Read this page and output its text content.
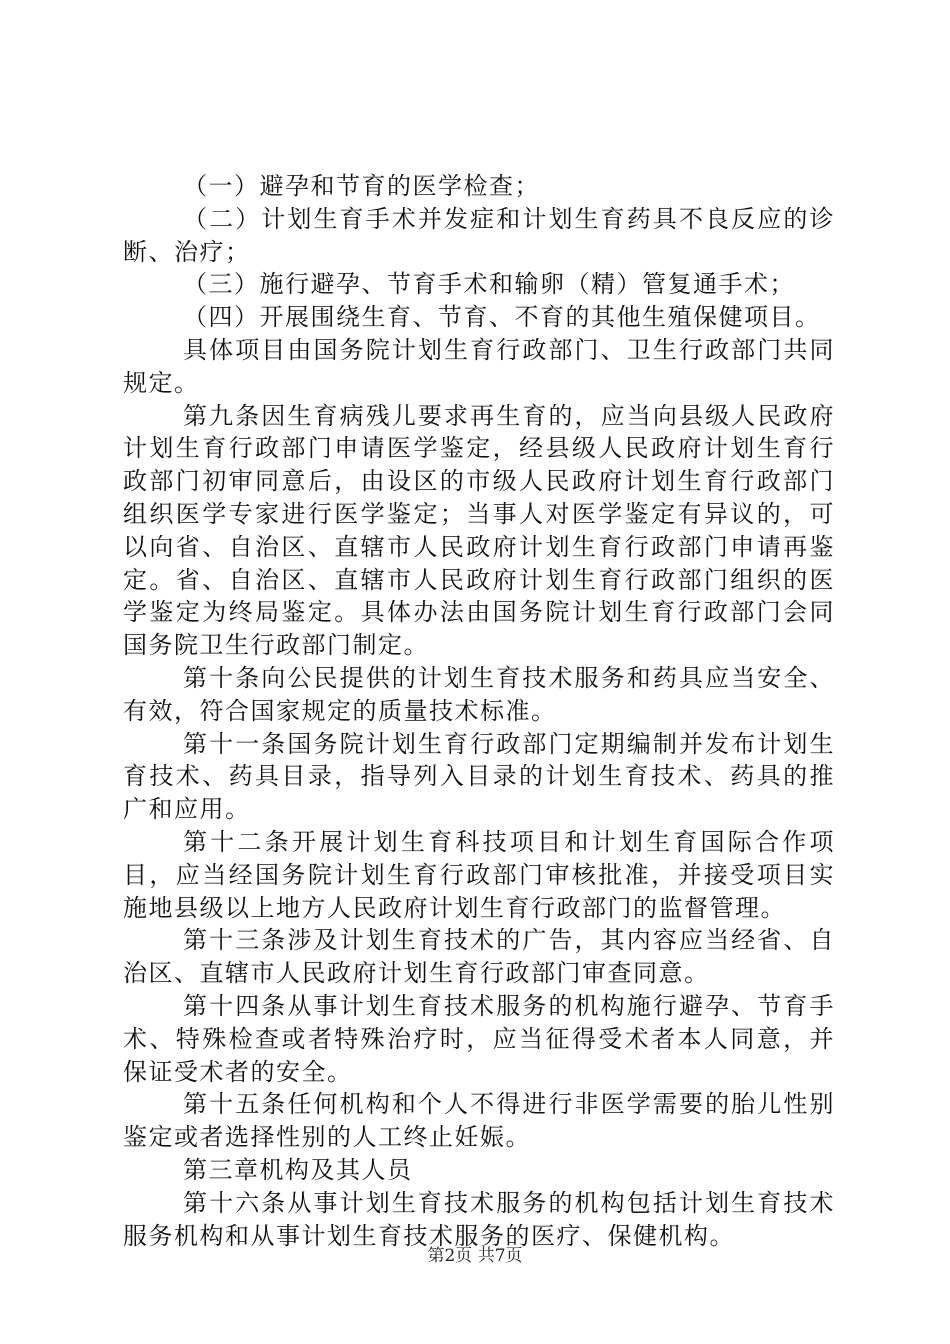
（一）避孕和节育的医学检查；

（二）计划生育手术并发症和计划生育药具不良反应的诊断、治疗；

（三）施行避孕、节育手术和输卵（精）管复通手术；

（四）开展围绕生育、节育、不育的其他生殖保健项目。

具体项目由国务院计划生育行政部门、卫生行政部门共同规定。

第九条因生育病残儿要求再生育的，应当向县级人民政府计划生育行政部门申请医学鉴定，经县级人民政府计划生育行政部门初审同意后，由设区的市级人民政府计划生育行政部门组织医学专家进行医学鉴定；当事人对医学鉴定有异议的，可以向省、自治区、直辖市人民政府计划生育行政部门申请再鉴定。省、自治区、直辖市人民政府计划生育行政部门组织的医学鉴定为终局鉴定。具体办法由国务院计划生育行政部门会同国务院卫生行政部门制定。

第十条向公民提供的计划生育技术服务和药具应当安全、有效，符合国家规定的质量技术标准。

第十一条国务院计划生育行政部门定期编制并发布计划生育技术、药具目录，指导列入目录的计划生育技术、药具的推广和应用。

第十二条开展计划生育科技项目和计划生育国际合作项目，应当经国务院计划生育行政部门审核批准，并接受项目实施地县级以上地方人民政府计划生育行政部门的监督管理。

第十三条涉及计划生育技术的广告，其内容应当经省、自治区、直辖市人民政府计划生育行政部门审查同意。

第十四条从事计划生育技术服务的机构施行避孕、节育手术、特殊检查或者特殊治疗时，应当征得受术者本人同意，并保证受术者的安全。

第十五条任何机构和个人不得进行非医学需要的胎儿性别鉴定或者选择性别的人工终止妊娠。

第三章机构及其人员

第十六条从事计划生育技术服务的机构包括计划生育技术服务机构和从事计划生育技术服务的医疗、保健机构。

第2页 共7页
